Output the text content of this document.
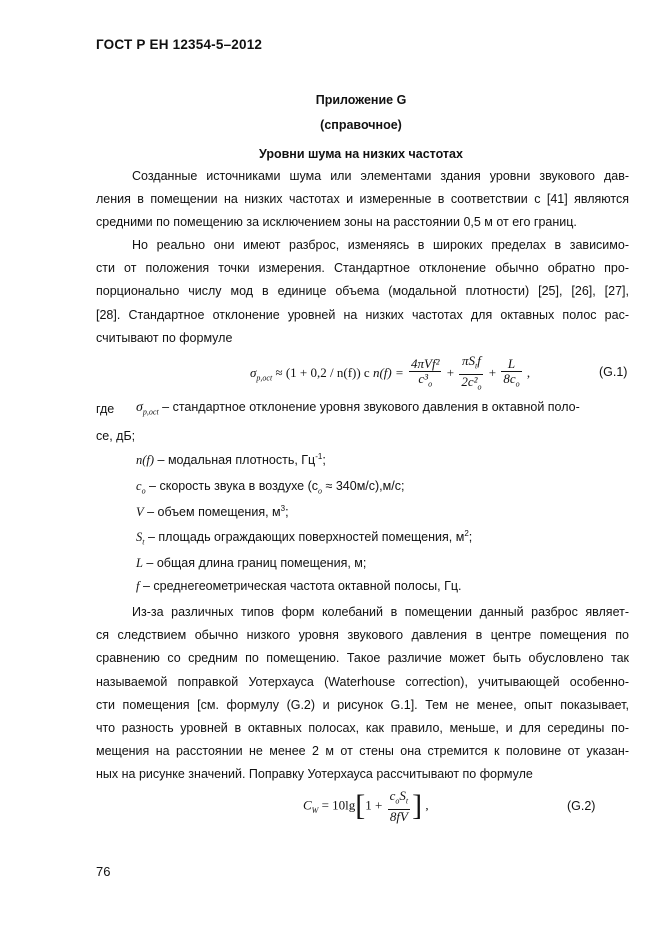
ГОСТ Р ЕН 12354-5–2012
Приложение G
(справочное)
Уровни шума на низких частотах
Созданные источниками шума или элементами здания уровни звукового дав-
ления в помещении на низких частотах и измеренные в соответствии с [41] являются
средними по помещению за исключением зоны на расстоянии 0,5 м от его границ.
Но реально они имеют разброс, изменяясь в широких пределах в зависимо-
сти от положения точки измерения. Стандартное отклонение обычно обратно про-
порционально числу мод в единице объема (модальной плотности) [25], [26], [27],
[28]. Стандартное отклонение уровней на низких частотах для октавных полос рас-
считывают по формуле
$\sigma_{p,oct} \approx (1 + 0,2 / n(f))$ с $n(f) = \frac{\text{4πVf²}}{c^3_o} + \frac{\pi S_tf}{2c^2_o} + \frac{L}{8c_o}$ ,	(G.1)
где $\sigma_{p,oct}$ – стандартное отклонение уровня звукового давления в октавной поло-
се, дБ;
n(f) – модальная плотность, $Гц^{-1}$;
$c_o$ – скорость звука в воздухе $(c_o \approx 340м/с),м/с$;
V – объем помещения, $м^3$;
$S_t$ – площадь ограждающих поверхностей помещения, $м^2$;
L – общая длина границ помещения, м;
f – среднегеометрическая частота октавной полосы, Гц.
Из-за различных типов форм колебаний в помещении данный разброс являет-
ся следствием обычно низкого уровня звукового давления в центре помещения по
сравнению со средним по помещению. Такое различие может быть обусловлено так
называемой поправкой Уотерхауса (Waterhouse correction), учитывающей особенно-
сти помещения [см. формулу (G.2) и рисунок G.1]. Тем не менее, опыт показывает,
что разность уровней в октавных полосах, как правило, меньше, и для середины по-
мещения на расстоянии не менее 2 м от стены она стремится к половине от указан-
ных на рисунке значений. Поправку Уотерхауса рассчитывают по формуле
$C_W = 10\lg[1 + \frac{c_oS_t}{8fV}$ ] ,	(G.2)
76
